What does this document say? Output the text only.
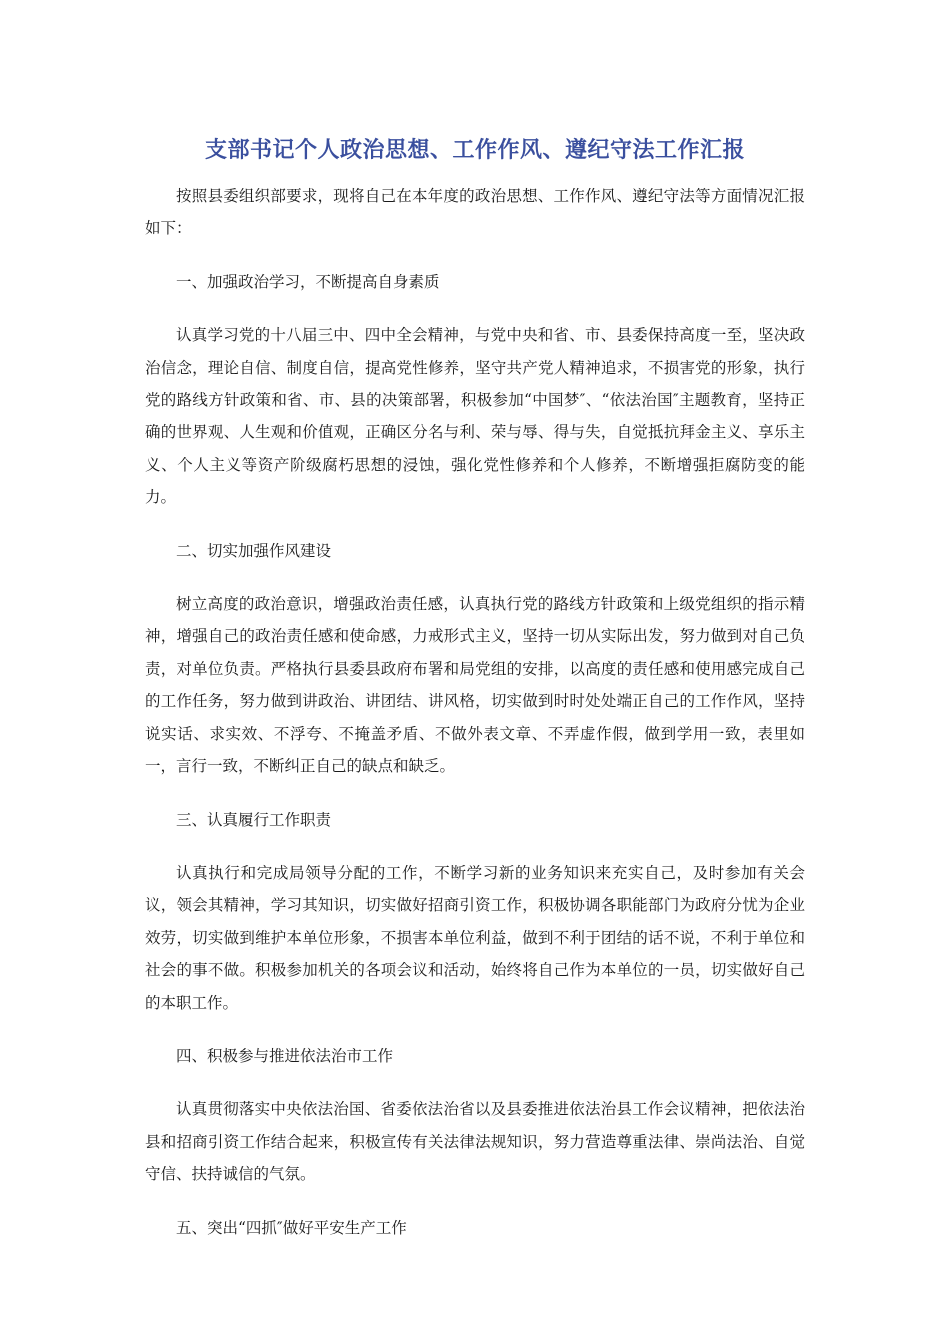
支部书记个人政治思想、工作作风、遵纪守法工作汇报

按照县委组织部要求，现将自己在本年度的政治思想、工作作风、遵纪守法等方面情况汇报如下：

一、加强政治学习，不断提高自身素质

认真学习党的十八届三中、四中全会精神，与党中央和省、市、县委保持高度一至，坚决政治信念，理论自信、制度自信，提高党性修养，坚守共产党人精神追求，不损害党的形象，执行党的路线方针政策和省、市、县的决策部署，积极参加“中国梦″、“依法治国″主题教育，坚持正确的世界观、人生观和价值观，正确区分名与利、荣与辱、得与失，自觉抵抗拜金主义、享乐主义、个人主义等资产阶级腐朽思想的浸蚀，强化党性修养和个人修养，不断增强拒腐防变的能力。

二、切实加强作风建设

树立高度的政治意识，增强政治责任感，认真执行党的路线方针政策和上级党组织的指示精神，增强自己的政治责任感和使命感，力戒形式主义，坚持一切从实际出发，努力做到对自己负责，对单位负责。严格执行县委县政府布署和局党组的安排，以高度的责任感和使用感完成自己的工作任务，努力做到讲政治、讲团结、讲风格，切实做到时时处处端正自己的工作作风，坚持说实话、求实效、不浮夸、不掩盖矛盾、不做外表文章、不弄虚作假，做到学用一致，表里如一，言行一致，不断纠正自己的缺点和缺乏。

三、认真履行工作职责

认真执行和完成局领导分配的工作，不断学习新的业务知识来充实自己，及时参加有关会议，领会其精神，学习其知识，切实做好招商引资工作，积极协调各职能部门为政府分忧为企业效劳，切实做到维护本单位形象，不损害本单位利益，做到不利于团结的话不说，不利于单位和社会的事不做。积极参加机关的各项会议和活动，始终将自己作为本单位的一员，切实做好自己的本职工作。

四、积极参与推进依法治市工作

认真贯彻落实中央依法治国、省委依法治省以及县委推进依法治县工作会议精神，把依法治县和招商引资工作结合起来，积极宣传有关法律法规知识，努力营造尊重法律、崇尚法治、自觉守信、扶持诚信的气氛。

五、突出“四抓″做好平安生产工作
